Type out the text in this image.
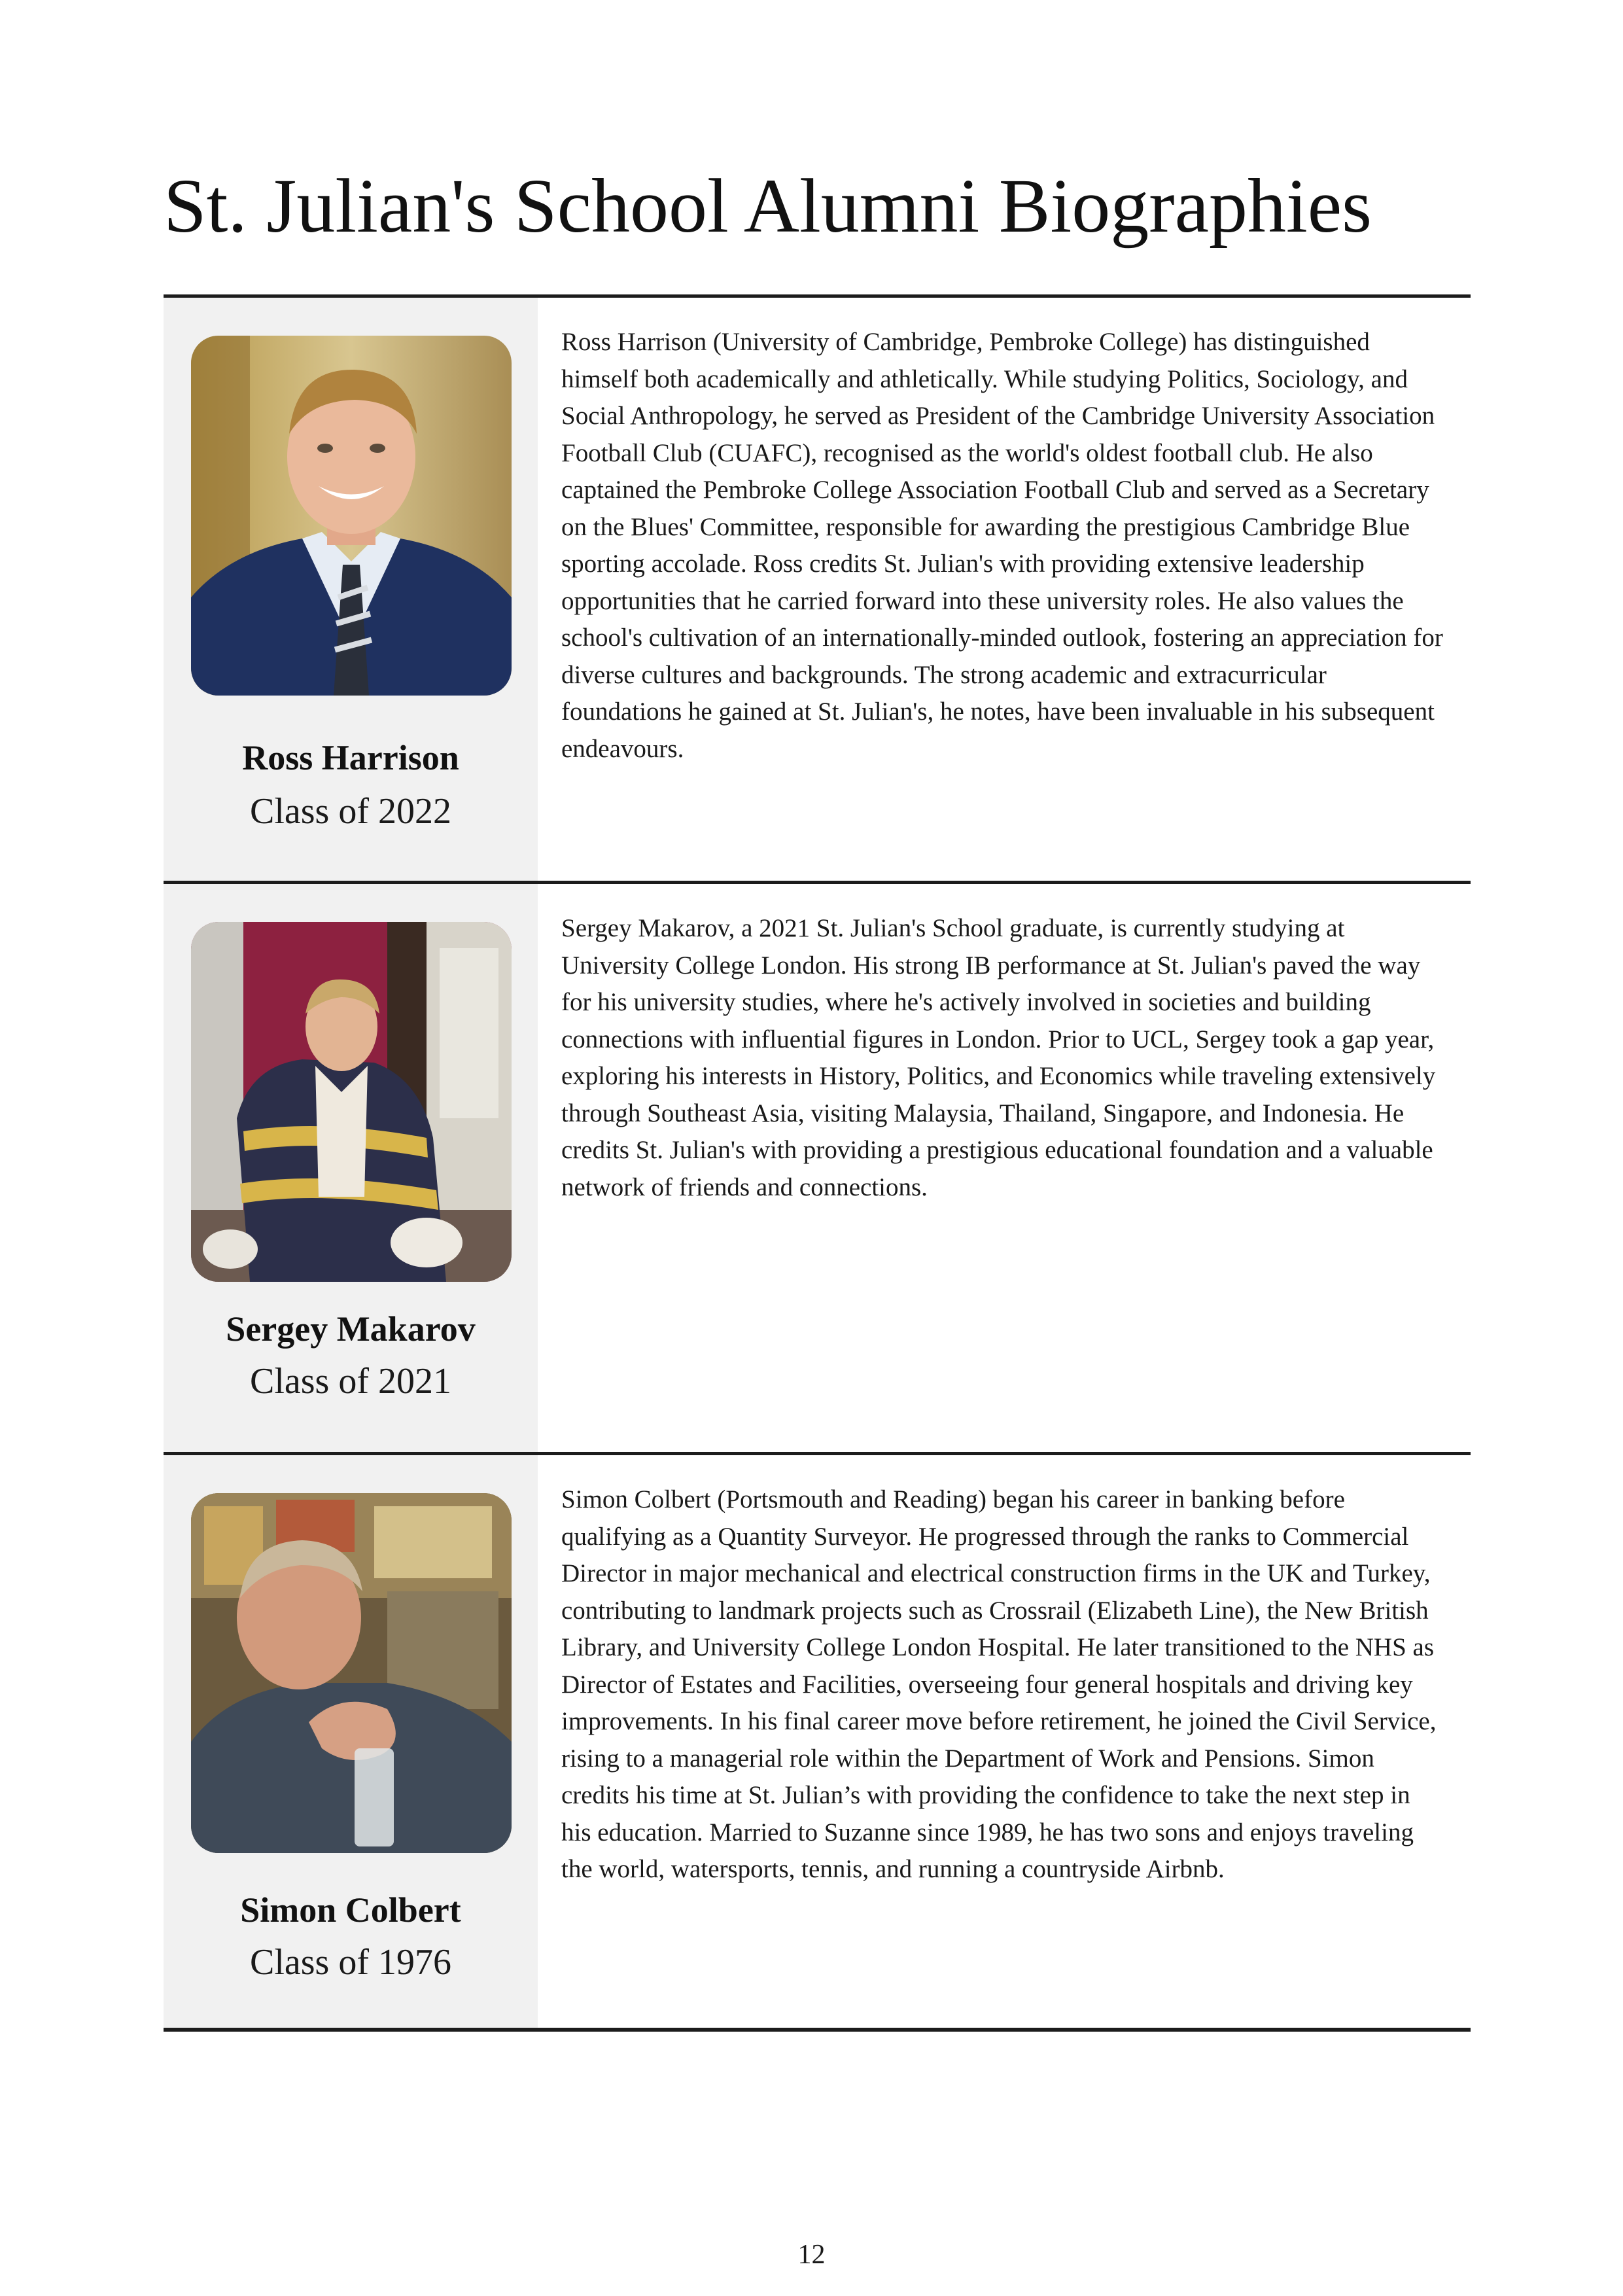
St. Julian's School Alumni Biographies
Ross Harrison
Class of 2022

Ross Harrison (University of Cambridge, Pembroke College) has distinguished himself both academically and athletically. While studying Politics, Sociology, and Social Anthropology, he served as President of the Cambridge University Association Football Club (CUAFC), recognised as the world's oldest football club. He also captained the Pembroke College Association Football Club and served as a Secretary on the Blues' Committee, responsible for awarding the prestigious Cambridge Blue sporting accolade. Ross credits St. Julian's with providing extensive leadership opportunities that he carried forward into these university roles. He also values the school's cultivation of an internationally-minded outlook, fostering an appreciation for diverse cultures and backgrounds. The strong academic and extracurricular foundations he gained at St. Julian's, he notes, have been invaluable in his subsequent endeavours.

Sergey Makarov
Class of 2021

Sergey Makarov, a 2021 St. Julian's School graduate, is currently studying at University College London. His strong IB performance at St. Julian's paved the way for his university studies, where he's actively involved in societies and building connections with influential figures in London. Prior to UCL, Sergey took a gap year, exploring his interests in History, Politics, and Economics while traveling extensively through Southeast Asia, visiting Malaysia, Thailand, Singapore, and Indonesia. He credits St. Julian's with providing a prestigious educational foundation and a valuable network of friends and connections.

Simon Colbert
Class of 1976

Simon Colbert (Portsmouth and Reading) began his career in banking before qualifying as a Quantity Surveyor. He progressed through the ranks to Commercial Director in major mechanical and electrical construction firms in the UK and Turkey, contributing to landmark projects such as Crossrail (Elizabeth Line), the New British Library, and University College London Hospital. He later transitioned to the NHS as Director of Estates and Facilities, overseeing four general hospitals and driving key improvements. In his final career move before retirement, he joined the Civil Service, rising to a managerial role within the Department of Work and Pensions. Simon credits his time at St. Julian’s with providing the confidence to take the next step in his education. Married to Suzanne since 1989, he has two sons and enjoys traveling the world, watersports, tennis, and running a countryside Airbnb.

12
